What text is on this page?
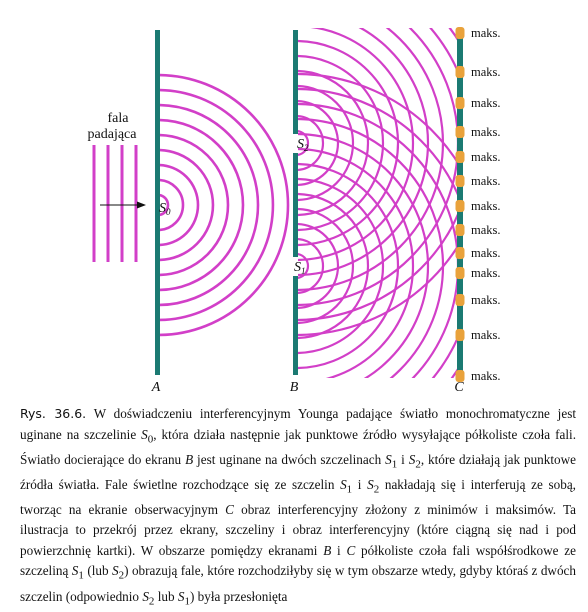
fala
padająca
maks.
maks.
maks.
maks.
maks.
maks.
maks.
maks.
maks.
maks.
maks.
maks.
maks.
$S_0$
$S_2$
$S_1$
A	B	C

Rys. 36.6. W doświadczeniu interferencyjnym Younga padające światło monochromatyczne jest uginane na szczelinie $S_0$, która działa następnie jak punktowe źródło wysyłające półkoliste czoła fali. Światło docierające do ekranu B jest uginane na dwóch szczelinach $S_1$ i $S_2$, które działają jak punktowe źródła światła. Fale świetlne rozchodzące się ze szczelin $S_1$ i $S_2$ nakładają się i interferują ze sobą, tworząc na ekranie obserwacyjnym C obraz interferencyjny złożony z minimów i maksimów. Ta ilustracja to przekrój przez ekrany, szczeliny i obraz interferencyjny (które ciągną się nad i pod powierzchnię kartki). W obszarze pomiędzy ekranami B i C półkoliste czoła fali współśrodkowe ze szczeliną $S_1$ (lub $S_2$) obrazują fale, które rozchodziłyby się w tym obszarze wtedy, gdyby któraś z dwóch szczelin (odpowiednio $S_2$ lub $S_1$) była przesłonięta
